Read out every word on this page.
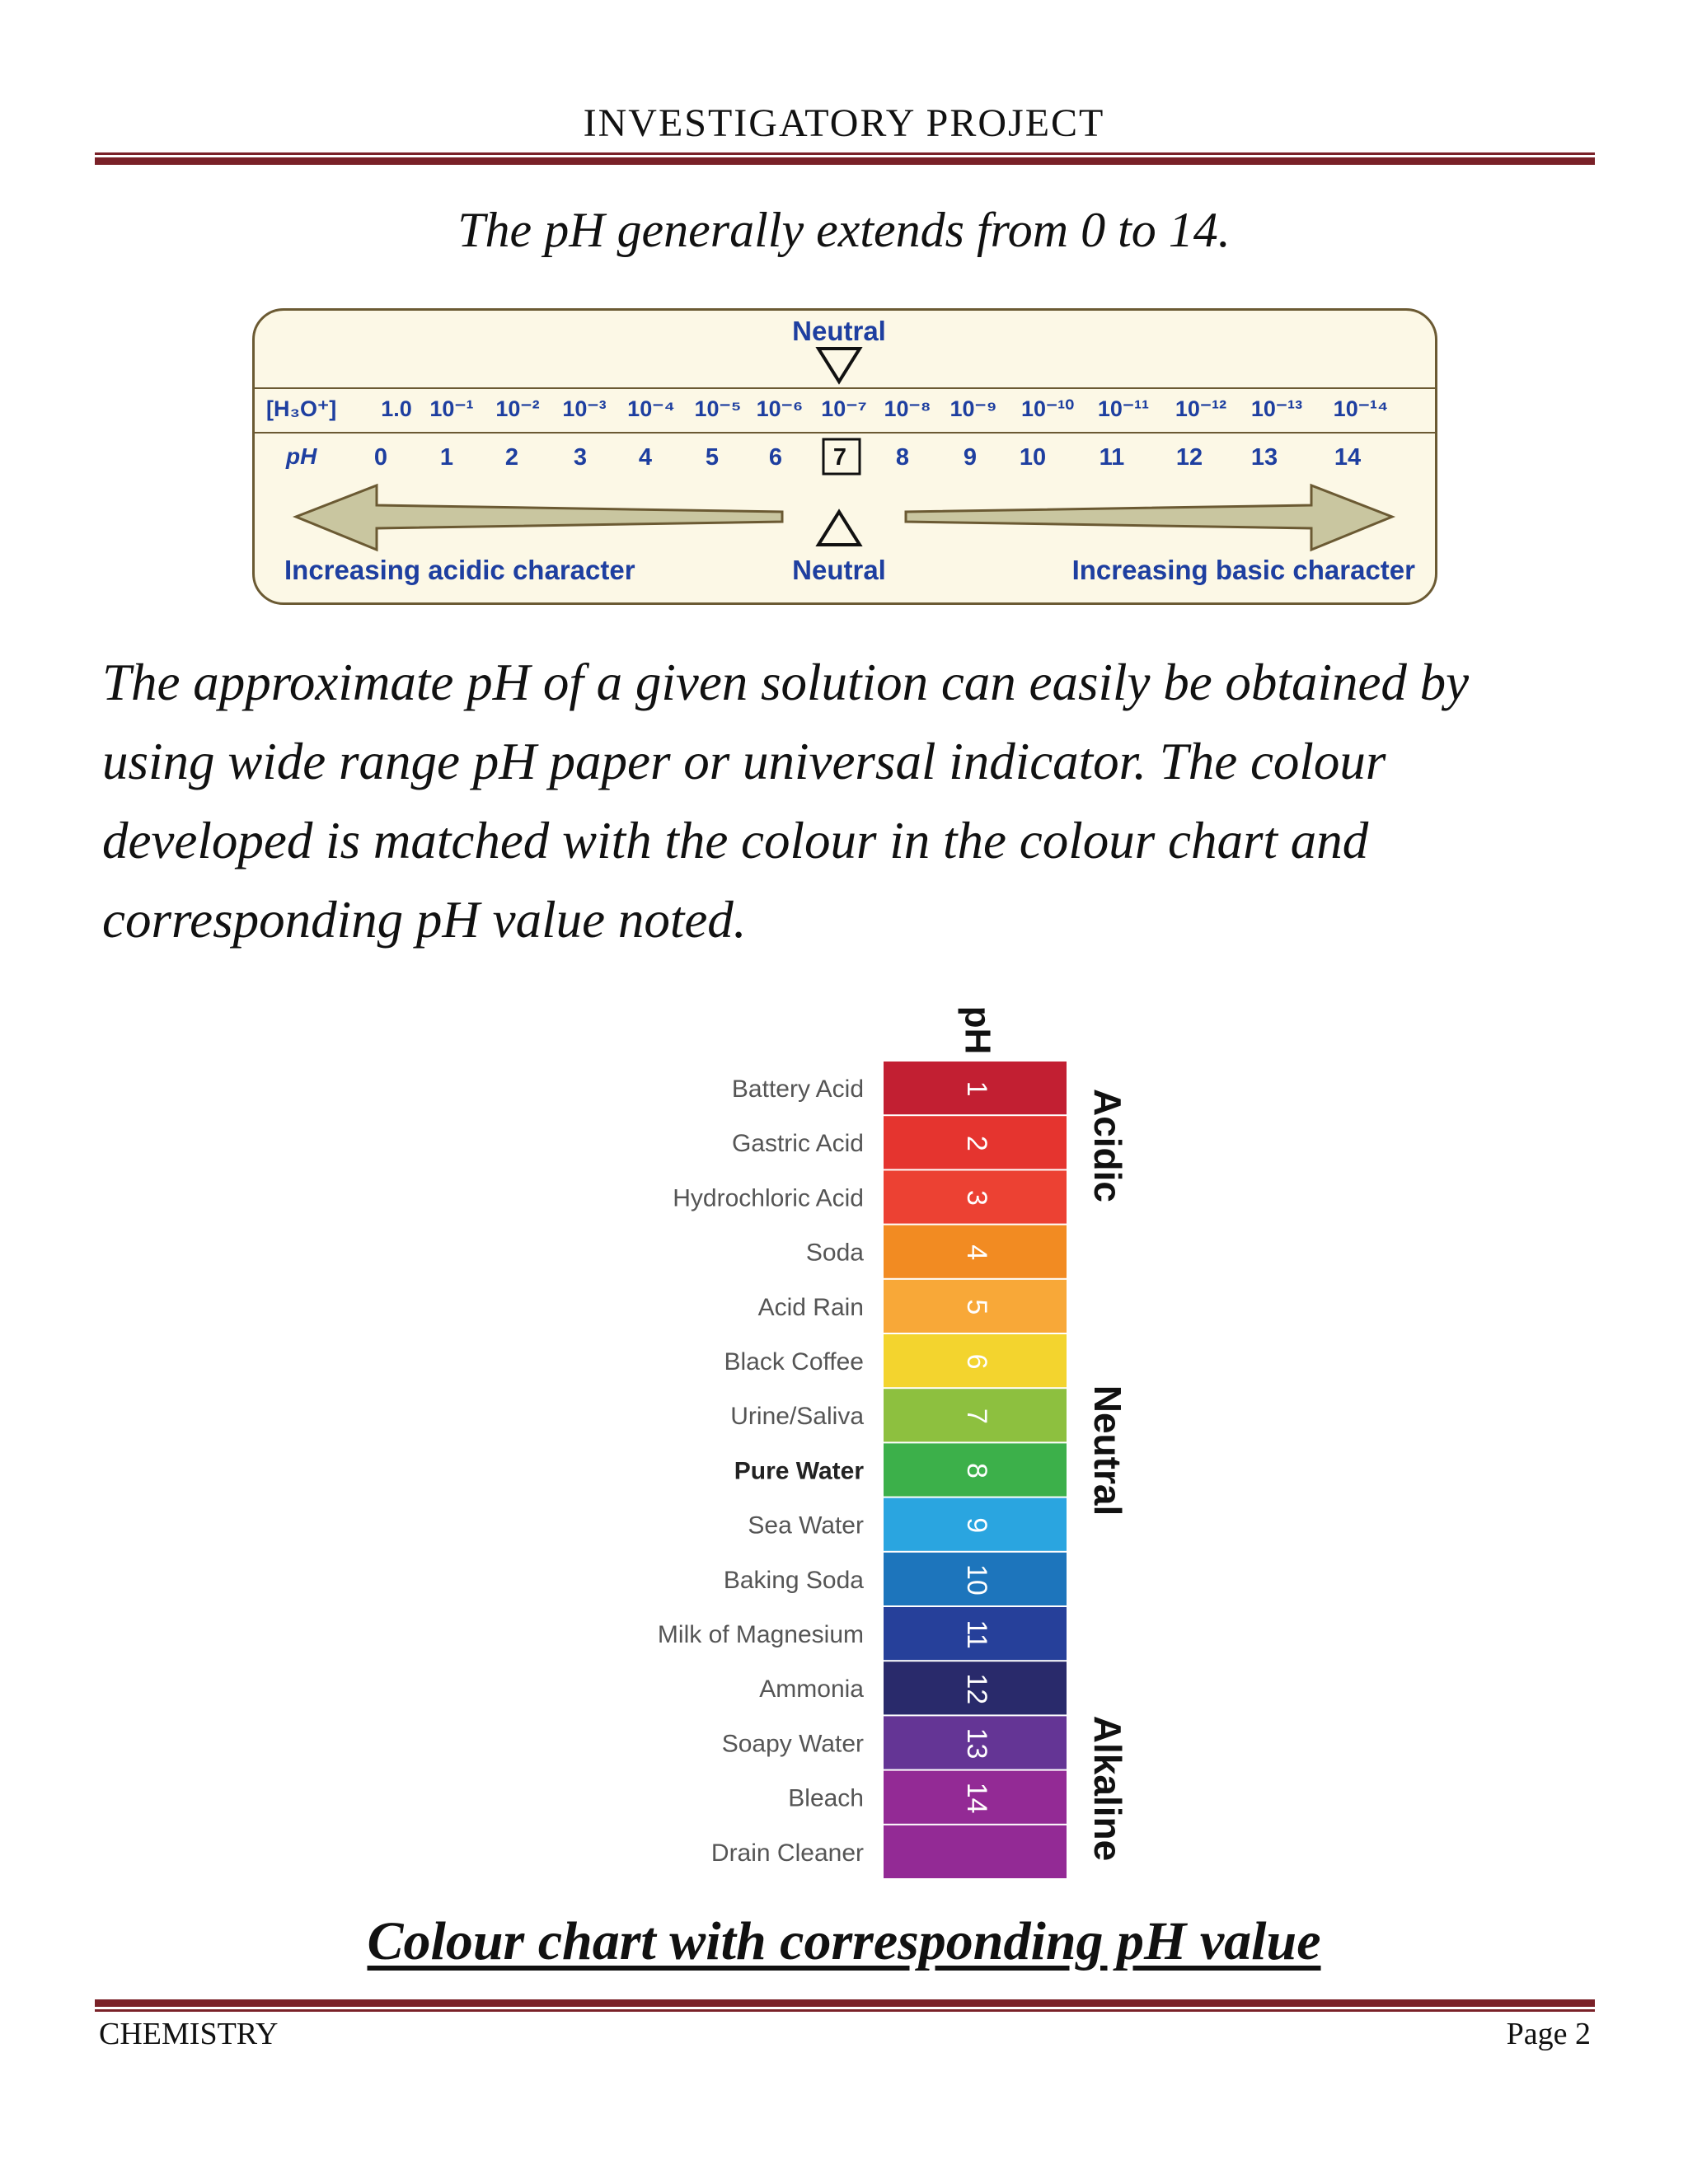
INVESTIGATORY PROJECT
The pH generally extends from 0 to 14.
Neutral
[H₃O⁺] 1.0 10⁻¹ 10⁻² 10⁻³ 10⁻⁴ 10⁻⁵ 10⁻⁶ 10⁻⁷ 10⁻⁸ 10⁻⁹ 10⁻¹⁰ 10⁻¹¹ 10⁻¹² 10⁻¹³ 10⁻¹⁴
pH 0 1 2 3 4 5 6 7 8 9 10 11 12 13 14
Increasing acidic character	Neutral	Increasing basic character
The approximate pH of a given solution can easily be obtained by
using wide range pH paper or universal indicator. The colour
developed is matched with the colour in the colour chart and
corresponding pH value noted.
pH
Battery Acid	1
Gastric Acid	2
Hydrochloric Acid	3
Soda	4
Acid Rain	5
Black Coffee	6
Urine/Saliva	7
Pure Water	8
Sea Water	9
Baking Soda	10
Milk of Magnesium	11
Ammonia	12
Soapy Water	13
Bleach	14
Drain Cleaner
Acidic
Neutral
Alkaline
Colour chart with corresponding pH value
CHEMISTRY	Page 2
